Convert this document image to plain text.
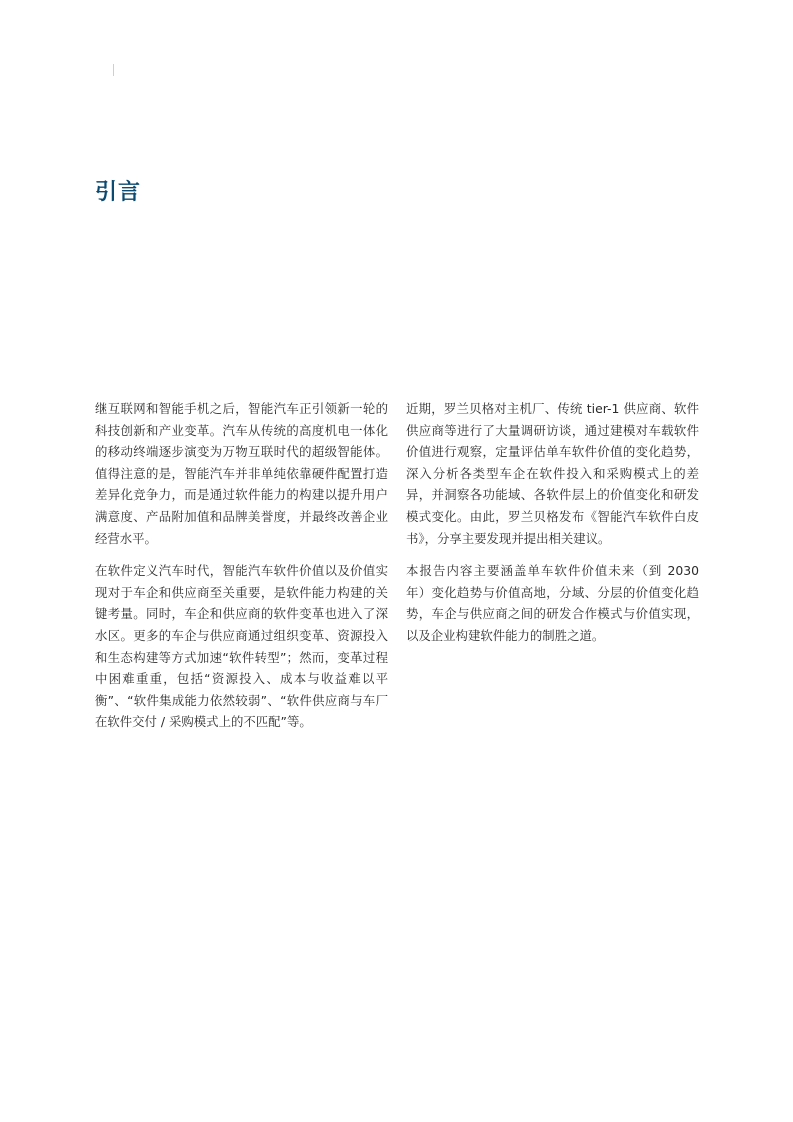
引言

继互联网和智能手机之后，智能汽车正引领新一轮的科技创新和产业变革。汽车从传统的高度机电一体化的移动终端逐步演变为万物互联时代的超级智能体。值得注意的是，智能汽车并非单纯依靠硬件配置打造差异化竞争力，而是通过软件能力的构建以提升用户满意度、产品附加值和品牌美誉度，并最终改善企业经营水平。

在软件定义汽车时代，智能汽车软件价值以及价值实现对于车企和供应商至关重要，是软件能力构建的关键考量。同时，车企和供应商的软件变革也进入了深水区。更多的车企与供应商通过组织变革、资源投入和生态构建等方式加速“软件转型”；然而，变革过程中困难重重，包括“资源投入、成本与收益难以平衡”、“软件集成能力依然较弱”、“软件供应商与车厂在软件交付 / 采购模式上的不匹配”等。

近期，罗兰贝格对主机厂、传统 tier-1 供应商、软件供应商等进行了大量调研访谈，通过建模对车载软件价值进行观察，定量评估单车软件价值的变化趋势，深入分析各类型车企在软件投入和采购模式上的差异，并洞察各功能域、各软件层上的价值变化和研发模式变化。由此，罗兰贝格发布《智能汽车软件白皮书》，分享主要发现并提出相关建议。

本报告内容主要涵盖单车软件价值未来（到 2030 年）变化趋势与价值高地，分域、分层的价值变化趋势，车企与供应商之间的研发合作模式与价值实现，以及企业构建软件能力的制胜之道。
